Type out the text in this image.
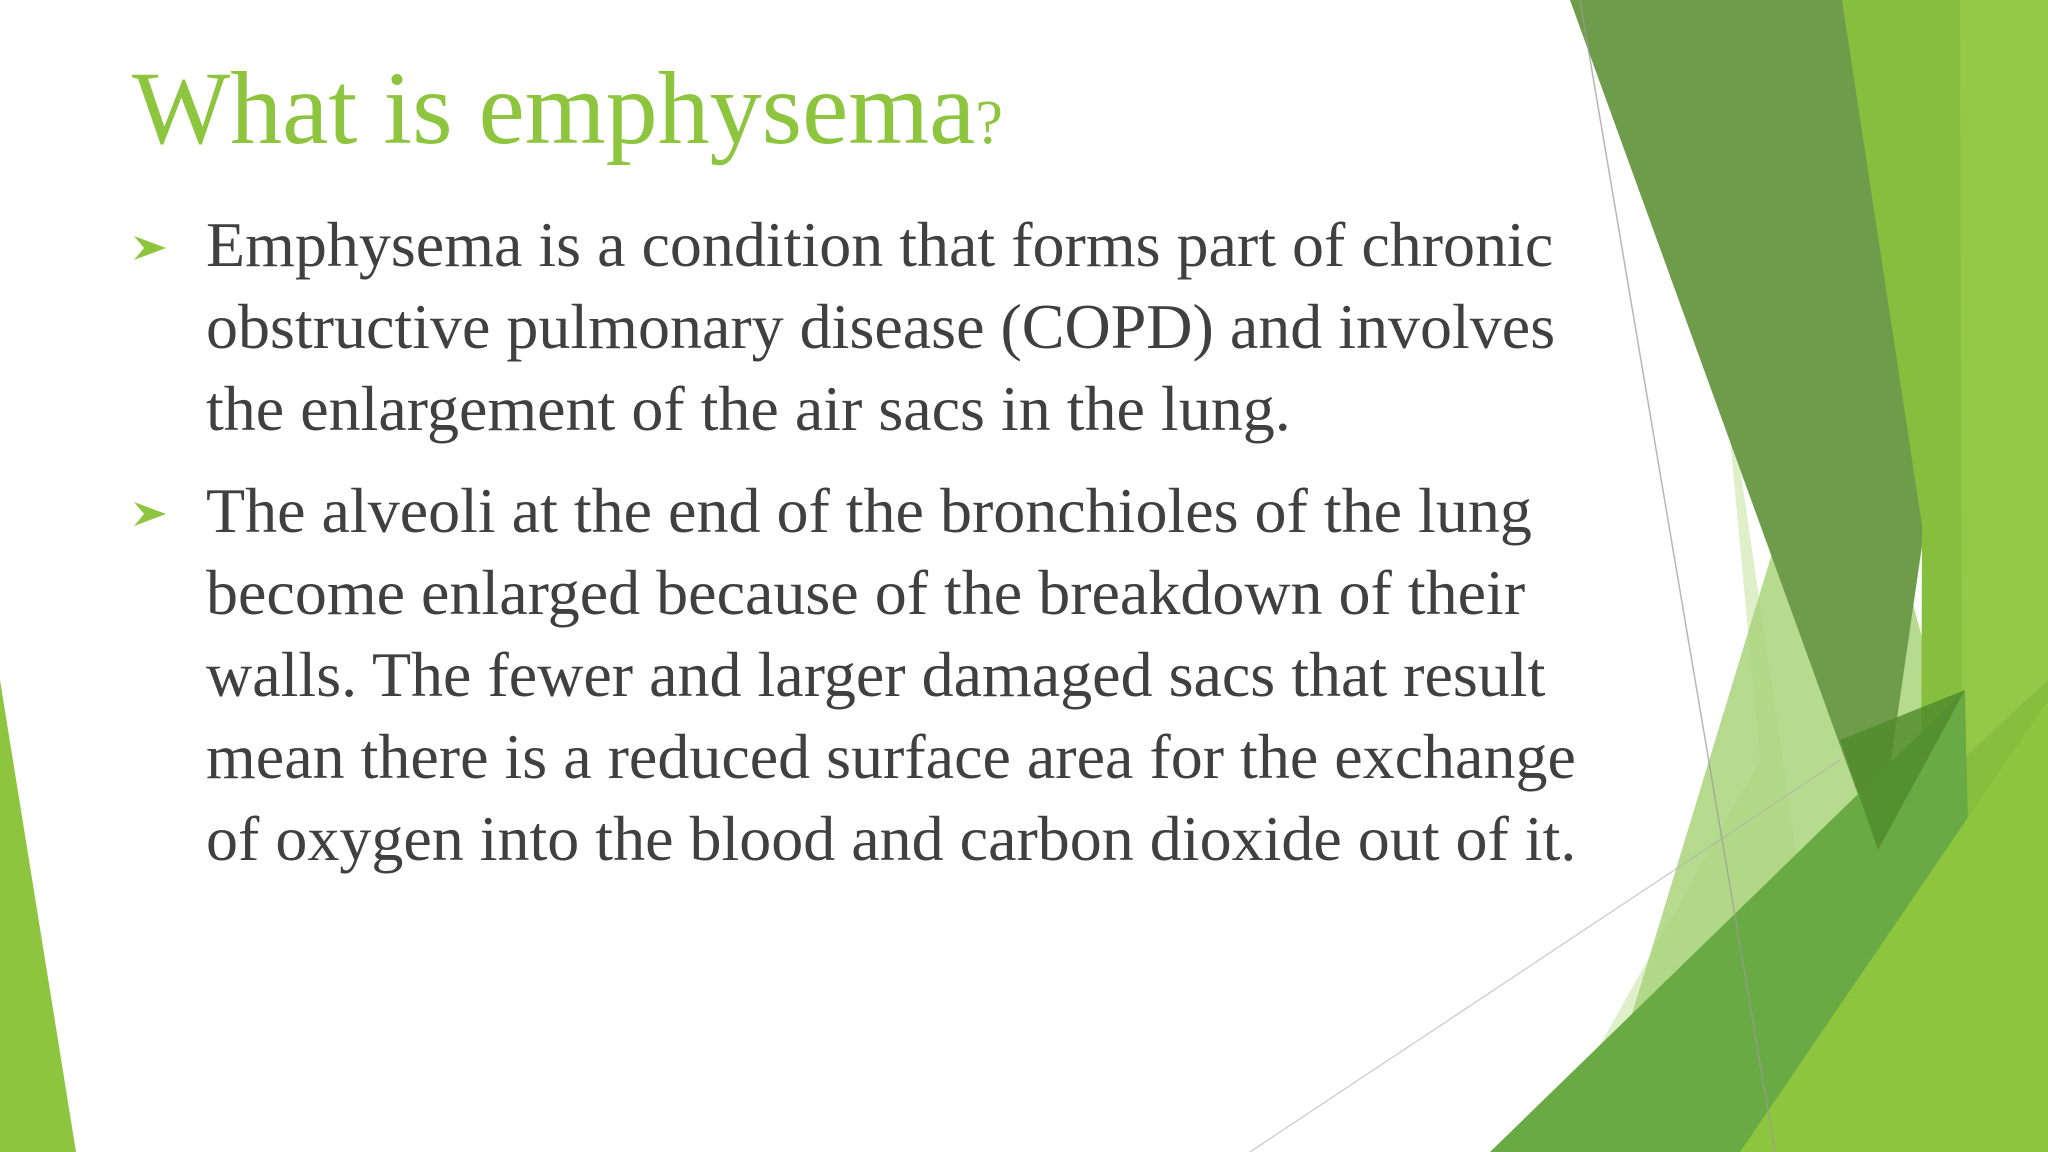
What is emphysema?
Emphysema is a condition that forms part of chronic
obstructive pulmonary disease (COPD) and involves
the enlargement of the air sacs in the lung.
The alveoli at the end of the bronchioles of the lung
become enlarged because of the breakdown of their
walls. The fewer and larger damaged sacs that result
mean there is a reduced surface area for the exchange
of oxygen into the blood and carbon dioxide out of it.
